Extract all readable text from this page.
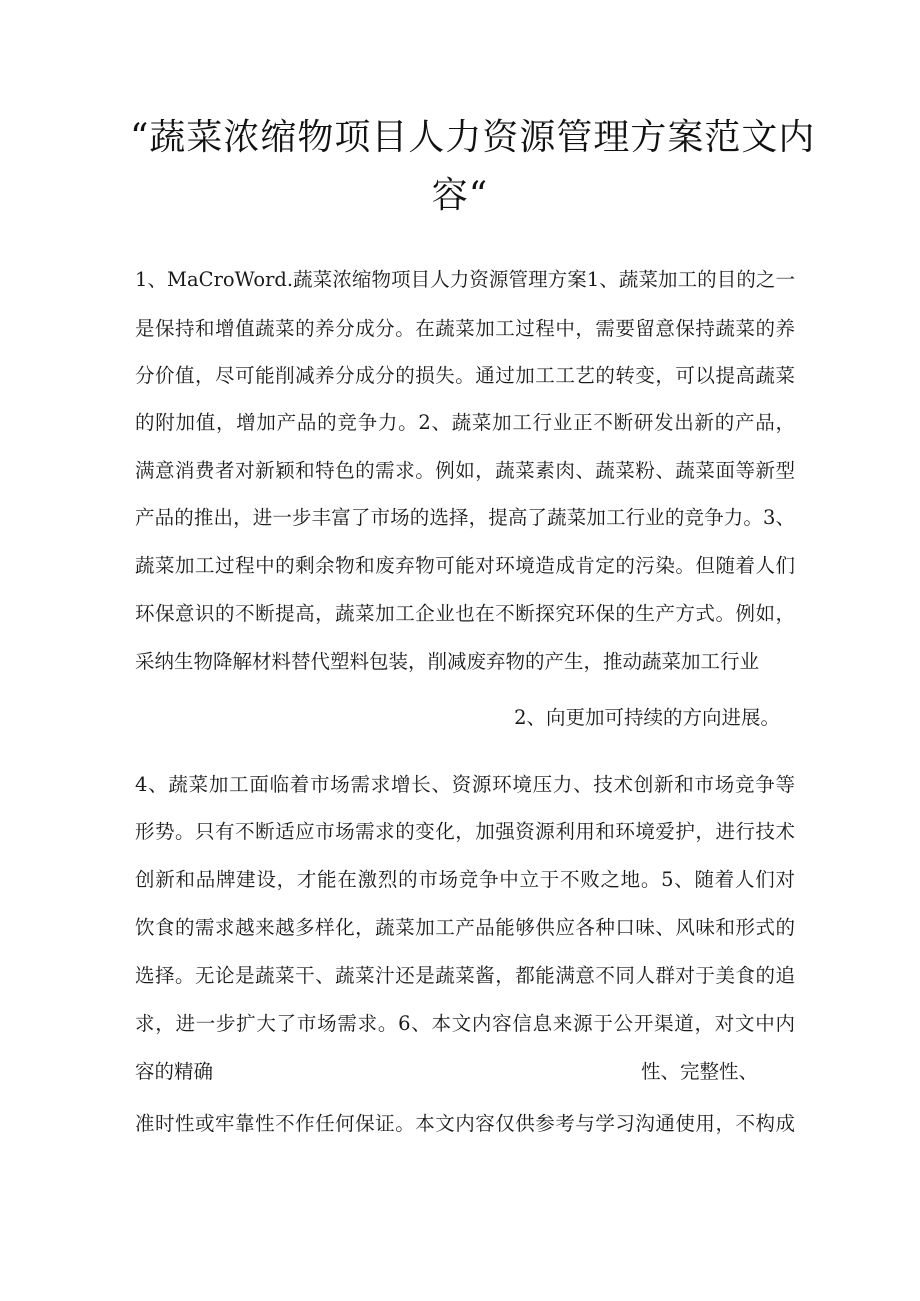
“蔬菜浓缩物项目人力资源管理方案范文内
容“
1、MaCroWord.蔬菜浓缩物项目人力资源管理方案1、蔬菜加工的目的之一
是保持和增值蔬菜的养分成分。在蔬菜加工过程中，需要留意保持蔬菜的养
分价值，尽可能削减养分成分的损失。通过加工工艺的转变，可以提高蔬菜
的附加值，增加产品的竞争力。2、蔬菜加工行业正不断研发出新的产品，
满意消费者对新颖和特色的需求。例如，蔬菜素肉、蔬菜粉、蔬菜面等新型
产品的推出，进一步丰富了市场的选择，提高了蔬菜加工行业的竞争力。3、
蔬菜加工过程中的剩余物和废弃物可能对环境造成肯定的污染。但随着人们
环保意识的不断提高，蔬菜加工企业也在不断探究环保的生产方式。例如，
采纳生物降解材料替代塑料包装，削减废弃物的产生，推动蔬菜加工行业
2、向更加可持续的方向进展。
4、蔬菜加工面临着市场需求增长、资源环境压力、技术创新和市场竞争等
形势。只有不断适应市场需求的变化，加强资源利用和环境爱护，进行技术
创新和品牌建设，才能在激烈的市场竞争中立于不败之地。5、随着人们对
饮食的需求越来越多样化，蔬菜加工产品能够供应各种口味、风味和形式的
选择。无论是蔬菜干、蔬菜汁还是蔬菜酱，都能满意不同人群对于美食的追
求，进一步扩大了市场需求。6、本文内容信息来源于公开渠道，对文中内
容的精确	性、完整性、
准时性或牢靠性不作任何保证。本文内容仅供参考与学习沟通使用，不构成
